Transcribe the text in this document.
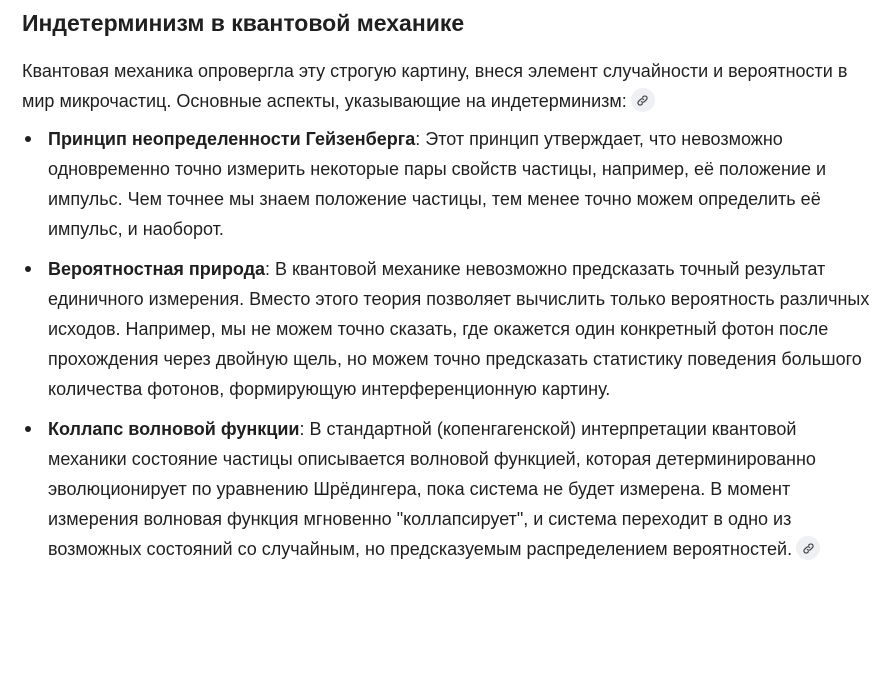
Индетерминизм в квантовой механике

Квантовая механика опровергла эту строгую картину, внеся элемент случайности и вероятности в мир микрочастиц. Основные аспекты, указывающие на индетерминизм:

Принцип неопределенности Гейзенберга: Этот принцип утверждает, что невозможно одновременно точно измерить некоторые пары свойств частицы, например, её положение и импульс. Чем точнее мы знаем положение частицы, тем менее точно можем определить её импульс, и наоборот.
Вероятностная природа: В квантовой механике невозможно предсказать точный результат единичного измерения. Вместо этого теория позволяет вычислить только вероятность различных исходов. Например, мы не можем точно сказать, где окажется один конкретный фотон после прохождения через двойную щель, но можем точно предсказать статистику поведения большого количества фотонов, формирующую интерференционную картину.
Коллапс волновой функции: В стандартной (копенгагенской) интерпретации квантовой механики состояние частицы описывается волновой функцией, которая детерминированно эволюционирует по уравнению Шрёдингера, пока система не будет измерена. В момент измерения волновая функция мгновенно "коллапсирует", и система переходит в одно из возможных состояний со случайным, но предсказуемым распределением вероятностей.
